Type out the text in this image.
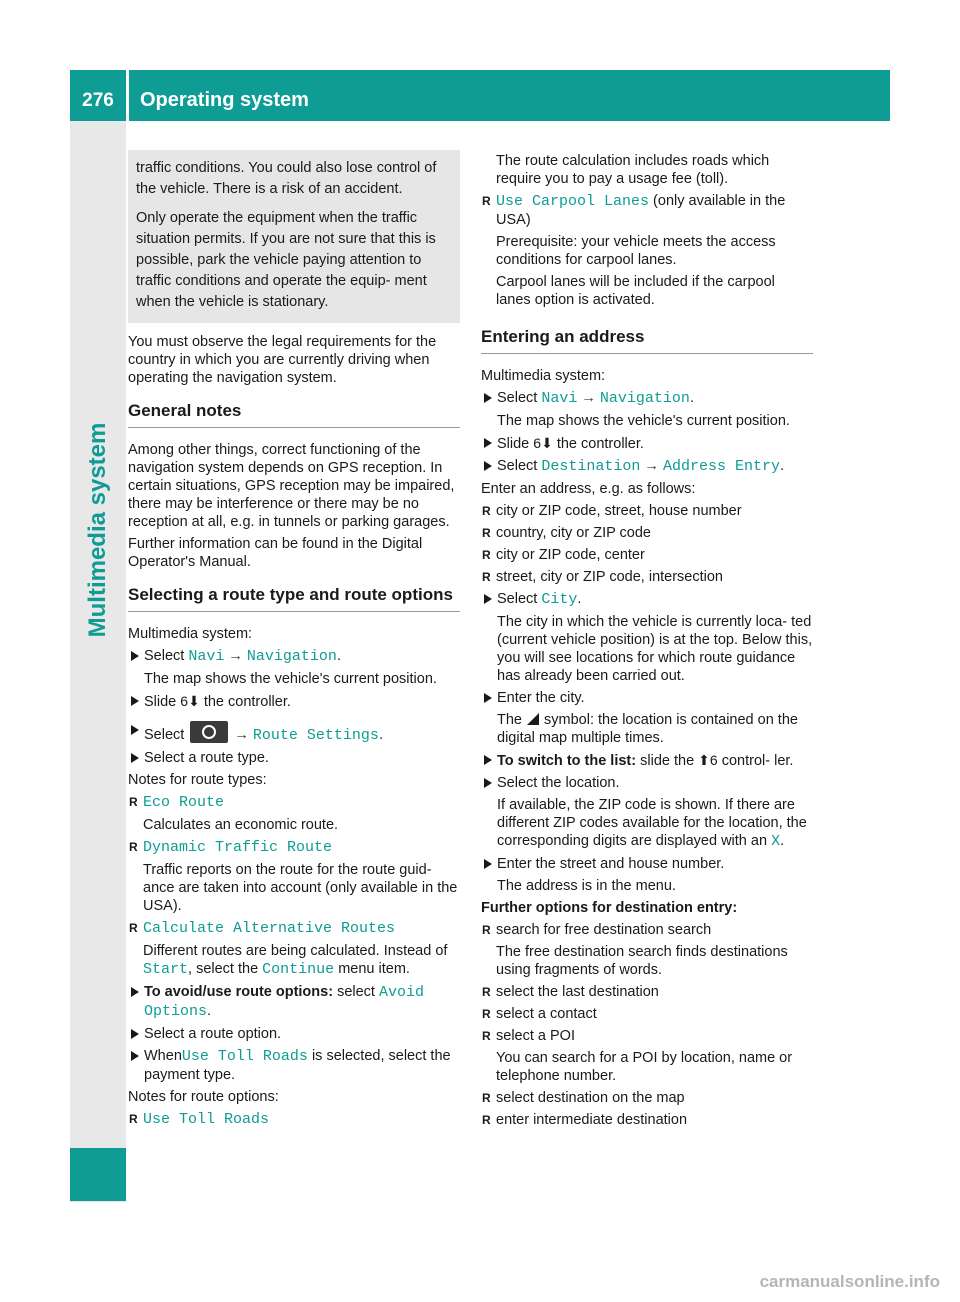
276	Operating system
Multimedia system

traffic conditions. You could also lose control of the vehicle. There is a risk of an accident.

Only operate the equipment when the traffic situation permits. If you are not sure that this is possible, park the vehicle paying attention to traffic conditions and operate the equip- ment when the vehicle is stationary.

You must observe the legal requirements for the country in which you are currently driving when operating the navigation system.

General notes

Among other things, correct functioning of the navigation system depends on GPS reception. In certain situations, GPS reception may be impaired, there may be interference or there may be no reception at all, e.g. in tunnels or parking garages.

Further information can be found in the Digital Operator's Manual.

Selecting a route type and route options

Multimedia system:

Select Navi → Navigation.

The map shows the vehicle's current position.

Slide 6⬇ the controller.
Select	→ Route Settings.
Select a route type.

Notes for route types:

R Eco Route

Calculates an economic route.

R Dynamic Traffic Route

Traffic reports on the route for the route guid- ance are taken into account (only available in the USA).

R Calculate Alternative Routes

Different routes are being calculated. Instead of Start, select the Continue menu item.

To avoid/use route options: select Avoid Options.
Select a route option.
WhenUse Toll Roads is selected, select the payment type.

Notes for route options:

R Use Toll Roads

The route calculation includes roads which require you to pay a usage fee (toll).

R Use Carpool Lanes (only available in the USA)

Prerequisite: your vehicle meets the access conditions for carpool lanes.

Carpool lanes will be included if the carpool lanes option is activated.

Entering an address

Multimedia system:

Select Navi → Navigation.

The map shows the vehicle's current position.

Slide 6⬇ the controller.
Select Destination → Address Entry.

Enter an address, e.g. as follows:

R city or ZIP code, street, house number
R country, city or ZIP code
R city or ZIP code, center
R street, city or ZIP code, intersection
Select City.

The city in which the vehicle is currently loca- ted (current vehicle position) is at the top. Below this, you will see locations for which route guidance has already been carried out.

Enter the city.

The  symbol: the location is contained on the digital map multiple times.

To switch to the list: slide the ⬆6 control- ler.
Select the location.

If available, the ZIP code is shown. If there are different ZIP codes available for the location, the corresponding digits are displayed with an X.

Enter the street and house number.

The address is in the menu.

Further options for destination entry:

R search for free destination search

The free destination search finds destinations using fragments of words.

R select the last destination
R select a contact
R select a POI

You can search for a POI by location, name or telephone number.

R select destination on the map
R enter intermediate destination
carmanualsonline.info
